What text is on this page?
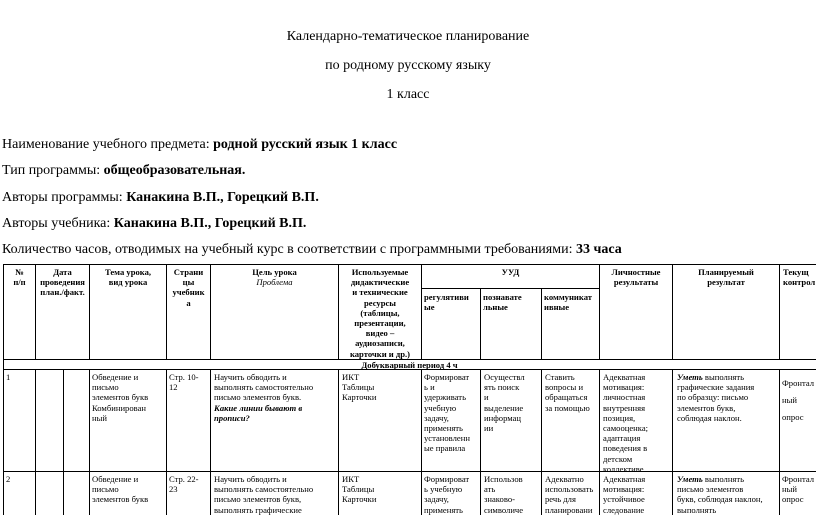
Календарно-тематическое планирование
по родному русскому языку
1 класс
Наименование учебного предмета: родной русский язык 1 класс
Тип программы: общеобразовательная.
Авторы программы: Канакина В.П., Горецкий В.П.
Авторы учебника: Канакина В.П., Горецкий В.П.
Количество часов, отводимых на учебный курс в соответствии с программными требованиями: 33 часа
№
п/п
Дата
проведения
план./факт.
Тема урока,
вид урока
Страни
цы
учебник
а
Цель урока
Проблема
Используемые
дидактические
и технические
ресурсы
(таблицы,
презентации,
видео –
аудиозаписи,
карточки и др.)
УУД
регулятиви
ые
познавате
льные
коммуникат
ивные
Личностные
результаты
Планируемый
результат
Текущ
контрол
Добукварный период 4 ч
1	Обведение и
письмо
элементов букв
Комбинирован
ный
Стр. 10-
12
Научить обводить и
выполнять самостоятельно
письмо элементов букв.
Какие линии бывают в
прописи?
ИКТ
Таблицы
Карточки
Формироват
ь и
удерживать
учебную
задачу,
применять
установленн
ые правила
Осуществл
ять поиск
и
выделение
информац
ии
Ставить
вопросы и
обращаться
за помощью
Адекватная
мотивация:
личностная
внутренняя
позиция,
самооценка;
адаптация
поведения в
детском
коллективе
Уметь выполнять
графические задания
по образцу: письмо
элементов букв,
соблюдая наклон.
Фронтал
ный
опрос
2	Обведение и
письмо
элементов букв
Стр. 22-
23
Научить обводить и
выполнять самостоятельно
письмо элементов букв,
выполнять графические
ИКТ
Таблицы
Карточки
Формироват
ь учебную
задачу,
применять
Использов
ать
знаково-
символиче
Адекватно
использовать
речь для
планировани
Адекватная
мотивация:
устойчивое
следование
Уметь выполнять
письмо элементов
букв, соблюдая наклон,
выполнять
Фронтал
ный
опрос
